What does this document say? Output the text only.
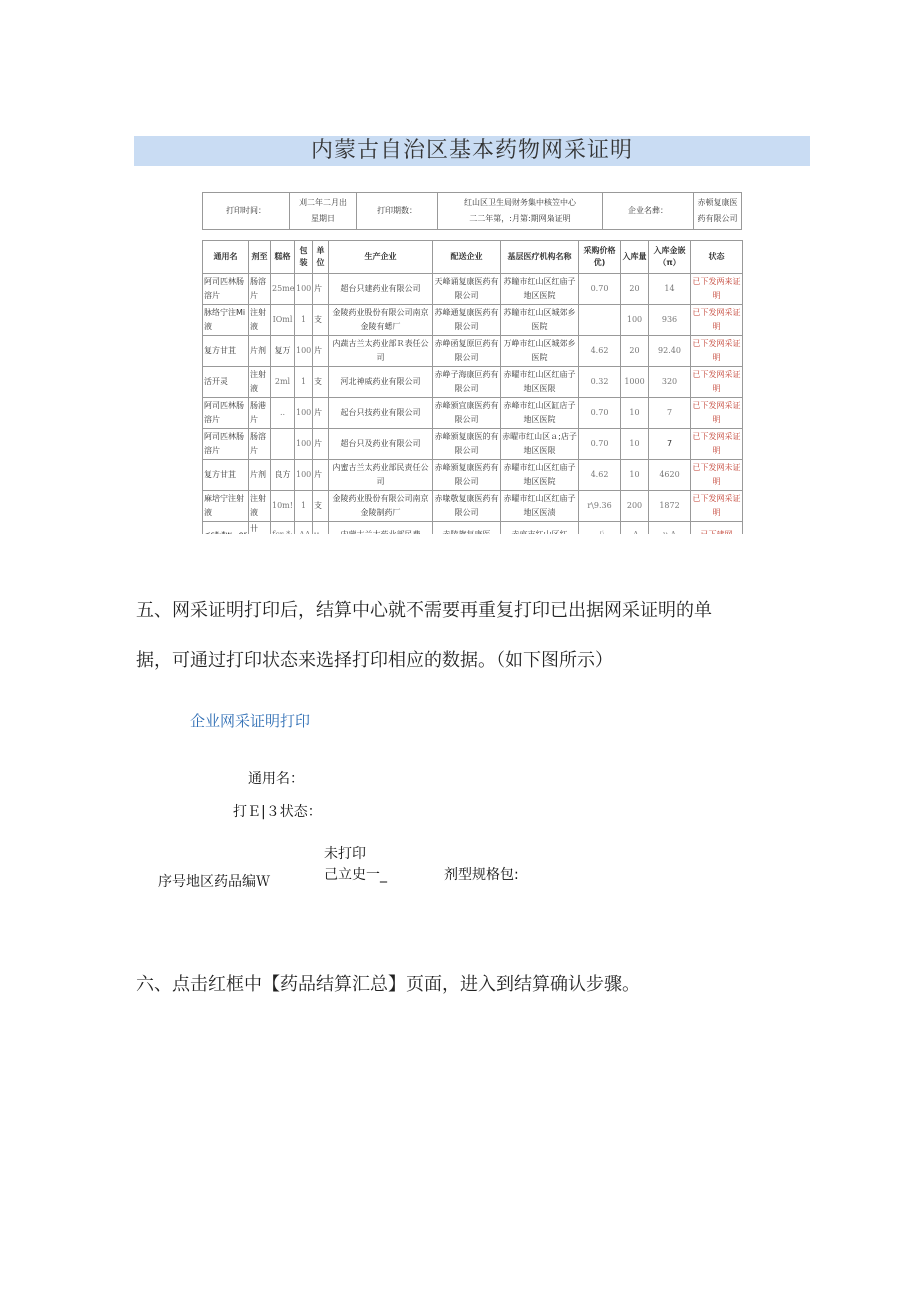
内蒙古自治区基本药物网采证明
打印时间：	
刈二年二月出
星期日
	打印期数：	
红山区卫生局财务集中核笠中心
二二年第，:月第:期网枭证明
	企业名彝：	
赤顿复康医
药有限公司
通用名	剂至	糕格	包装	单位	生产企业	配送企业	基层医疗机构名称	采购价格优)	入库量	入库金嵌（π）	状态
阿司匹林肠溶片	肠溶片	25me	100	片	超台只建药业有限公司	天峰诵复康医药有限公司	苏瞳市红山区红庙子地区医院	0.70	20	14	已下发两来证明
脉络宁注Mi液	注射液	IOml	1	支	金陵药业股份有限公司南京金陵有蟋厂	苏峰通复康医药有限公司	苏瞳市红山区城郊乡医院		100	936	已下发网采证明
复方甘苴	片剂	复万	100	片	内蔬古兰太药业部Ｒ表任公司	赤峥函复原叵药有限公司	万峥市红山区城郊乡医院	4.62	20	92.40	已下发网采证明
活开灵	注射液	2ml	1	支	河北神威药业有限公司	赤峥子海康叵药有限公司	赤曜市红山区红庙子地区医限	0.32	1000	320	已下发网采证明
阿司匹林肠溶片	肠港片	..	100	片	起台只技药业有限公司	赤峰颁宜康医药有限公司	赤峰市红山区缸店子地区医院	0.70	10	7	已下发网采证明
阿司匹林肠溶片	肠溶片		100	片	超台只及药业有限公司	赤峰颁复康医的有限公司	赤曜市红山区ａ;店子地区医限	0.70	10	7	已下发网采证明
复方甘苴	片剂	良方	100	片	内蜜古兰太药业部民责任公司	赤峰颁复康医药有限公司	赤曜市红山区红庙子地区医院	4.62	10	4620	已下发网未证明
麻培宁注射液	注射液	10m!	1	支	金陵药业股份有限公司南京金陵制药厂	赤喙敬复康医药有限公司	赤曜市红山区红庙子地区医渍	r\9.36	200	1872	已下发网采证明
	卄										
五、网采证明打印后，结算中心就不需要再重复打印已出据网采证明的单
据，可通过打印状态来选择打印相应的数据。（如下图所示）
企业网采证明打印
通用名：
打Ｅ|３状态：
未打印
己立史一_
序号地区药品编Ｗ	剂型规格包:
六、点击红框中【药品结算汇总】页面，进入到结算确认步骤。
